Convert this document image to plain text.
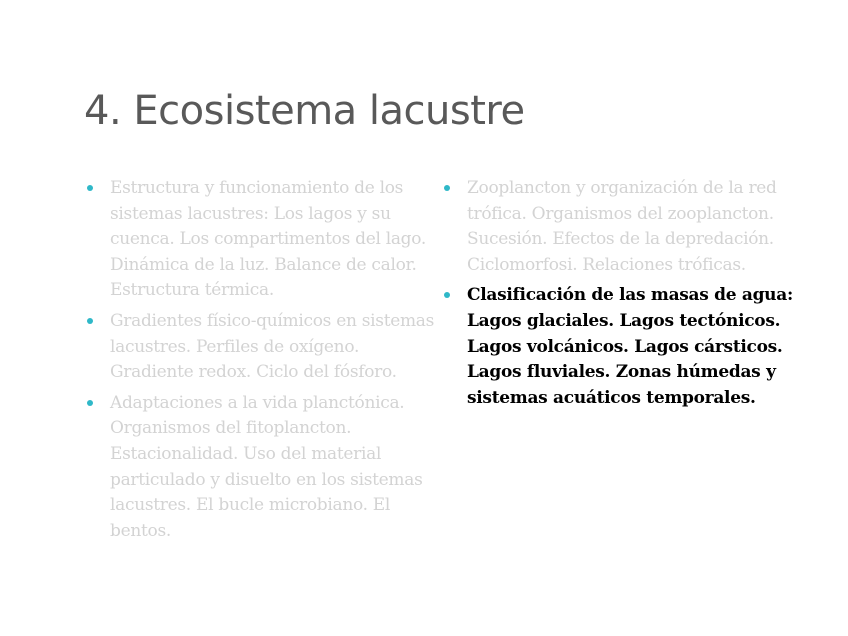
4. Ecosistema lacustre
Estructura y funcionamiento de los sistemas lacustres: Los lagos y su cuenca. Los compartimentos del lago. Dinámica de la luz. Balance de calor. Estructura térmica.
Gradientes físico-químicos en sistemas lacustres. Perfiles de oxígeno. Gradiente redox. Ciclo del fósforo.
Adaptaciones a la vida planctónica. Organismos del fitoplancton. Estacionalidad. Uso del material particulado y disuelto en los sistemas lacustres. El bucle microbiano. El bentos.
Zooplancton y organización de la red trófica. Organismos del zooplancton. Sucesión. Efectos de la depredación. Ciclomorfosi. Relaciones tróficas.
Clasificación de las masas de agua: Lagos glaciales. Lagos tectónicos. Lagos volcánicos. Lagos cársticos. Lagos fluviales. Zonas húmedas y sistemas acuáticos temporales.
